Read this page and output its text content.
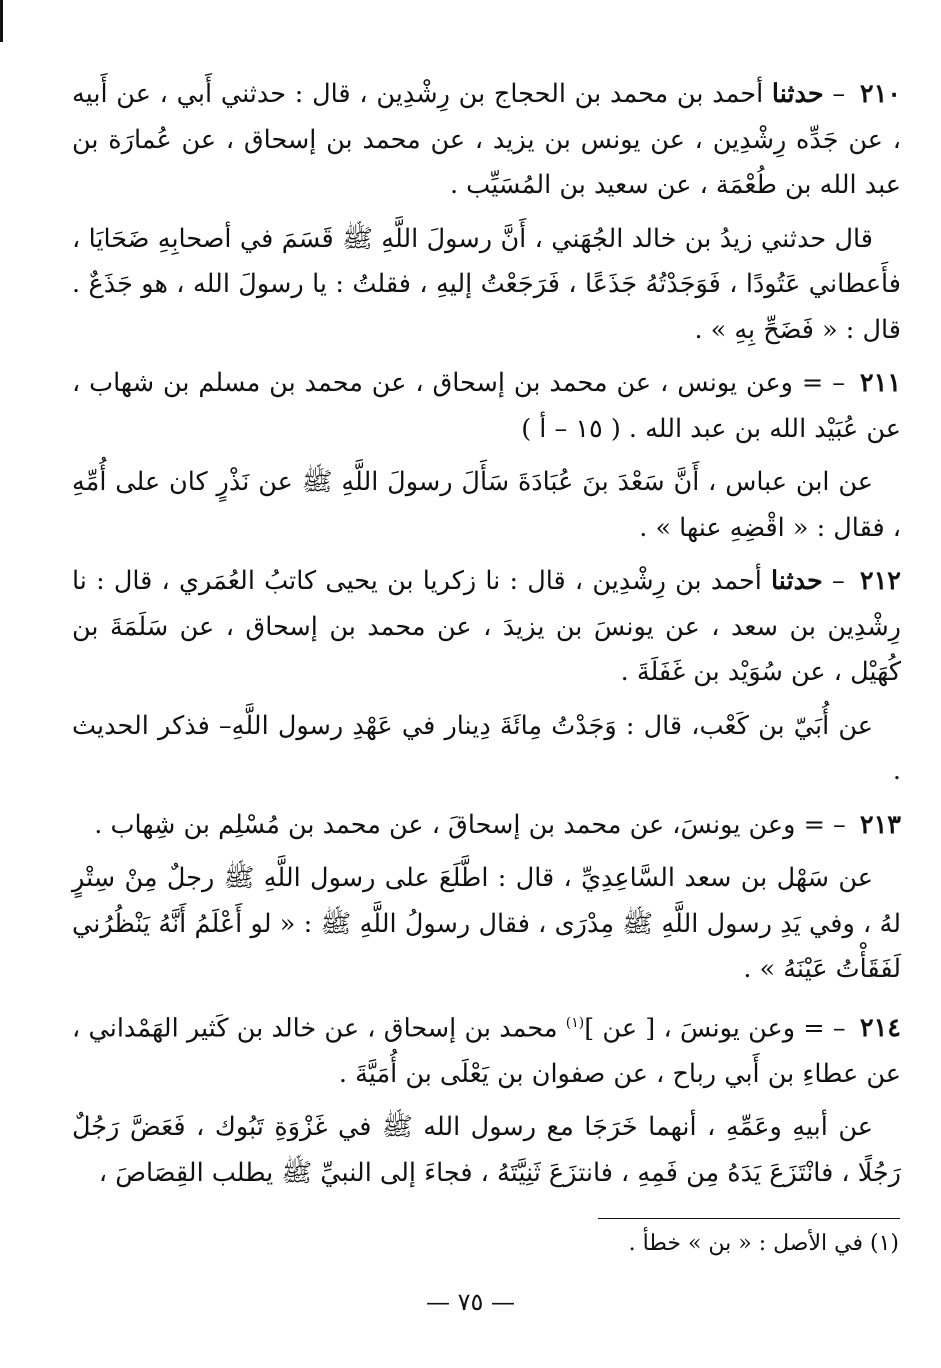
٢١٠ – حدثنا أحمد بن محمد بن الحجاج بن رِشْدِين ، قال : حدثني أَبي ، عن أَبيه ، عن جَدِّه رِشْدِين ، عن يونس بن يزيد ، عن محمد بن إسحاق ، عن عُمارَة بن عبد الله بن طُعْمَة ، عن سعيد بن المُسَيِّب .

قال حدثني زيدُ بن خالد الجُهَني ، أَنَّ رسولَ اللَّهِ ﷺ قَسَمَ في أصحابِهِ ضَحَايَا ، فأَعطاني عَتُودًا ، فَوَجَدْتُهُ جَذَعًا ، فَرَجَعْتُ إليهِ ، فقلتُ : يا رسولَ الله ، هو جَذَعٌ . قال : « فَضَحِّ بِهِ » .

٢١١ – = وعن يونس ، عن محمد بن إسحاق ، عن محمد بن مسلم بن شهاب ، عن عُبَيْد الله بن عبد الله . ( ١٥ – أ )

عن ابن عباس ، أَنَّ سَعْدَ بنَ عُبَادَةَ سَأَلَ رسولَ اللَّهِ ﷺ عن نَذْرٍ كان على أُمِّهِ ، فقال : « اقْضِهِ عنها » .

٢١٢ – حدثنا أحمد بن رِشْدِين ، قال : نا زكريا بن يحيى كاتبُ العُمَري ، قال : نا رِشْدِين بن سعد ، عن يونسَ بن يزيدَ ، عن محمد بن إسحاق ، عن سَلَمَةَ بن كُهَيْل ، عن سُوَيْد بن غَفَلَةَ .

عن أُبَيّ بن كَعْب، قال : وَجَدْتُ مِائَةَ دِينار في عَهْدِ رسول اللَّهِ– فذكر الحديث .

٢١٣ – = وعن يونسَ، عن محمد بن إسحاقَ ، عن محمد بن مُسْلِم بن شِهاب .

عن سَهْل بن سعد السَّاعِدِيِّ ، قال : اطَّلَعَ على رسول اللَّهِ ﷺ رجلٌ مِنْ سِتْرٍ لهُ ، وفي يَدِ رسول اللَّهِ ﷺ مِدْرَى ، فقال رسولُ اللَّهِ ﷺ : « لو أَعْلَمُ أَنَّهُ يَنْظُرُني لَفَقَأْتُ عَيْنَهُ » .

٢١٤ – = وعن يونسَ ، [ عن ]$^{(١)}$ محمد بن إسحاق ، عن خالد بن كَثير الهَمْداني ، عن عطاءِ بن أَبي رباح ، عن صفوان بن يَعْلَى بن أُمَيَّةَ .

عن أبيهِ وعَمِّهِ ، أنهما خَرَجَا مع رسول الله ﷺ في غَزْوَةِ تَبُوك ، فَعَضَّ رَجُلٌ رَجُلًا ، فانْتَزَعَ يَدَهُ مِن فَمِهِ ، فانتزَعَ ثَنِيَّتَهُ ، فجاءَ إلى النبيِّ ﷺ يطلب القِصَاصَ ،

(١) في الأصل : « بن » خطأ .
— ٧٥ —
